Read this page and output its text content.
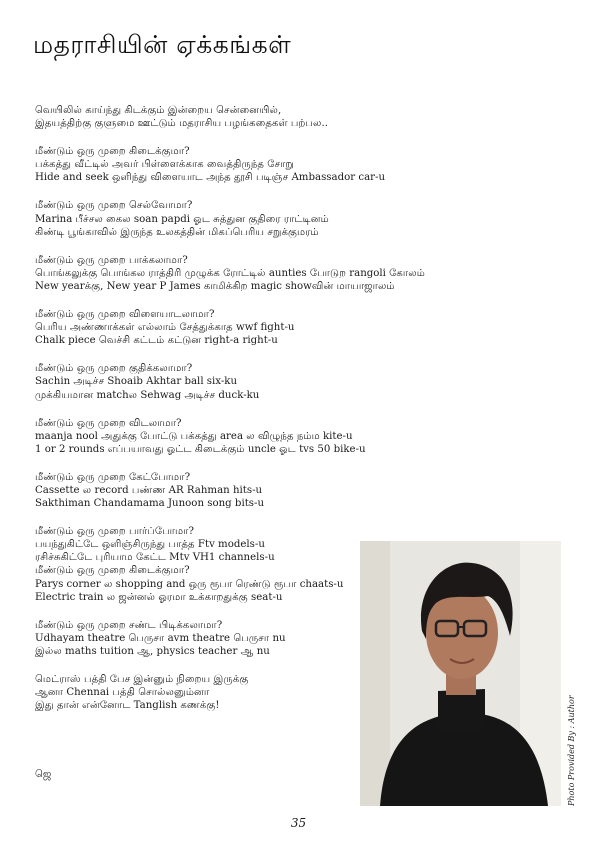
மதராசியின் ஏக்கங்கள்
வெயிலில் காய்ந்து கிடக்கும் இன்றைய சென்னையில்,
இதயத்திற்கு குளுமை ஊட்டும் மதராசிய பழங்கதைகள் பற்பல..
மீண்டும் ஒரு முறை கிடைக்குமா?
பக்கத்து வீட்டில் அவர் பிள்ளைக்காக வைத்திருந்த சோறு
Hide and seek ஒளிந்து விளையாட அந்த தூசி படிஞ்ச Ambassador car-u
மீண்டும் ஒரு முறை செல்வோமா?
Marina பீச்சல கைல soan papdi ஓட சுத்துன குதிரை ராட்டினம்
கிண்டி பூங்காவில் இருந்த உலகத்தின் மிகப்பெரிய சறுக்குமரம்
மீண்டும் ஒரு முறை பாக்கலாமா?
பொங்கலுக்கு பொங்கல ராத்திரி முழுக்க ரோட்டில் aunties போடுற rangoli கோலம்
New yearக்கு, New year P James காமிக்கிற magic showவின் மாயாஜாலம்
மீண்டும் ஒரு முறை விளையாடலாமா?
பெரிய அண்ணாக்கள் எல்லாம் சேத்துக்காத wwf fight-u
Chalk piece வெச்சி கட்டம் கட்டுன right-a right-u
மீண்டும் ஒரு முறை குதிக்கலாமா?
Sachin அடிச்ச Shoaib Akhtar ball six-ku
முக்கியமான matchல Sehwag அடிச்ச duck-ku
மீண்டும் ஒரு முறை விடலாமா?
maanja nool அதுக்கு போட்டு பக்கத்து area ல விழுந்த நம்ம kite-u
1 or 2 rounds எப்பயாவது ஓட்ட கிடைக்கும் uncle ஓட tvs 50 bike-u
மீண்டும் ஒரு முறை கேட்போமா?
Cassette ல record பண்ண AR Rahman hits-u
Sakthiman Chandamama Junoon song bits-u
மீண்டும் ஒரு முறை பார்ப்போமா?
பயந்துகிட்டே ஒளிஞ்சிருந்து பாத்த Ftv models-u
ரசிச்சுகிட்டே புரியாம கேட்ட Mtv VH1 channels-u
மீண்டும் ஒரு முறை கிடைக்குமா?
Parys corner ல shopping and ஒரு ரூபா ரெண்டு ரூபா chaats-u
Electric train ல ஜன்னல் ஓரமா உக்காறதுக்கு seat-u
மீண்டும் ஒரு முறை சண்ட பிடிக்கலாமா?
Udhayam theatre பெருசா avm theatre பெருசா nu
இல்ல maths tuition ஆ, physics teacher ஆ nu
மெட்ராஸ் பத்தி பேச இன்னும் நிறைய இருக்கு
ஆனா Chennai பத்தி சொல்லனும்னா
இது தான் என்னோட Tanglish கணக்கு!
ஜெ	Photo Provided By : Author
35
